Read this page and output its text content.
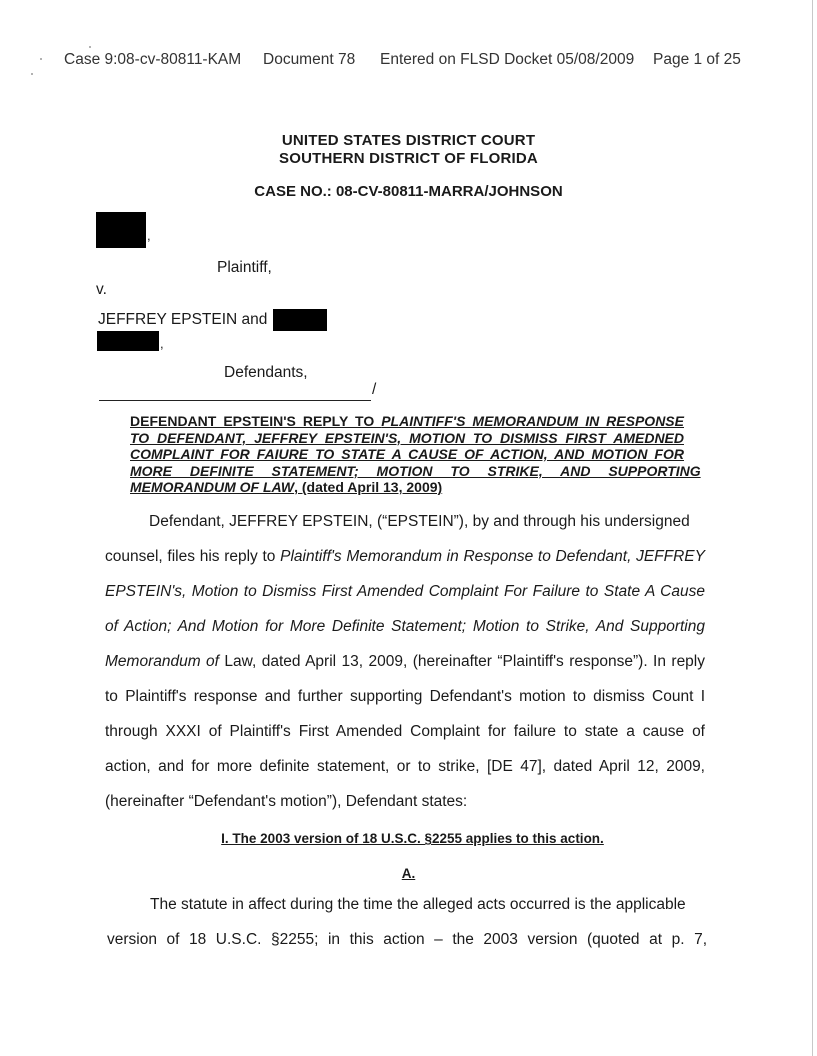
Case 9:08-cv-80811-KAM Document 78 Entered on FLSD Docket 05/08/2009 Page 1 of 25
UNITED STATES DISTRICT COURT
SOUTHERN DISTRICT OF FLORIDA
CASE NO.: 08-CV-80811-MARRA/JOHNSON
,
Plaintiff,
v.
JEFFREY EPSTEIN and
,
Defendants,
/
DEFENDANT EPSTEIN'S REPLY TO PLAINTIFF'S MEMORANDUM IN RESPONSE
TO DEFENDANT, JEFFREY EPSTEIN'S, MOTION TO DISMISS FIRST AMEDNED
COMPLAINT FOR FAIURE TO STATE A CAUSE OF ACTION, AND MOTION FOR
MORE DEFINITE STATEMENT; MOTION TO STRIKE, AND SUPPORTING
MEMORANDUM OF LAW, (dated April 13, 2009)
Defendant, JEFFREY EPSTEIN, (“EPSTEIN”), by and through his undersigned
counsel, files his reply to Plaintiff's Memorandum in Response to Defendant, JEFFREY
EPSTEIN's, Motion to Dismiss First Amended Complaint For Failure to State A Cause
of Action; And Motion for More Definite Statement; Motion to Strike, And Supporting
Memorandum of Law, dated April 13, 2009, (hereinafter “Plaintiff's response”). In reply
to Plaintiff's response and further supporting Defendant's motion to dismiss Count I
through XXXI of Plaintiff's First Amended Complaint for failure to state a cause of
action, and for more definite statement, or to strike, [DE 47], dated April 12, 2009,
(hereinafter “Defendant's motion”), Defendant states:
I. The 2003 version of 18 U.S.C. §2255 applies to this action.
A.
The statute in affect during the time the alleged acts occurred is the applicable
version of 18 U.S.C. §2255; in this action – the 2003 version (quoted at p. 7,
